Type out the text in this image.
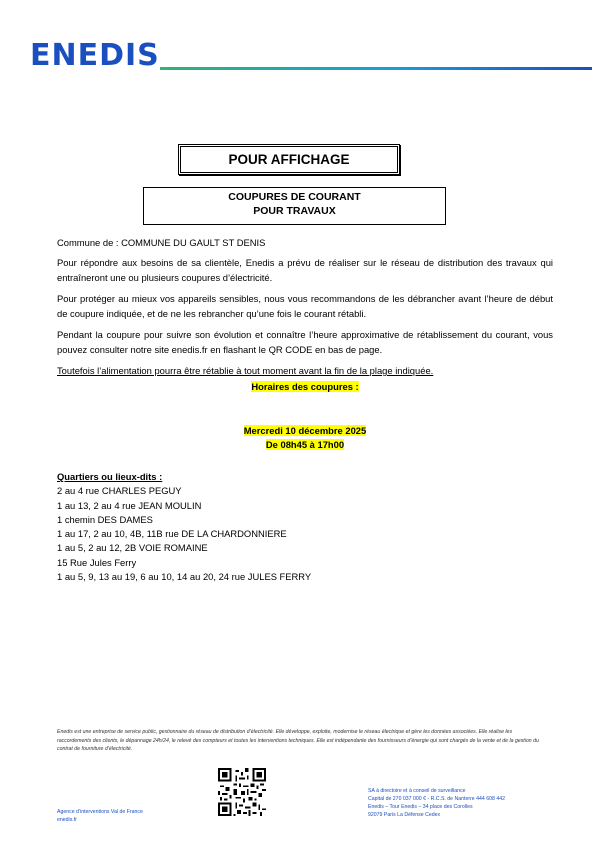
ENEDIS
POUR AFFICHAGE
COUPURES DE COURANT
POUR TRAVAUX
Commune de : COMMUNE DU GAULT ST DENIS
Pour répondre aux besoins de sa clientèle, Enedis a prévu de réaliser sur le réseau de distribution des travaux qui entraîneront une ou plusieurs coupures d’électricité.
Pour protéger au mieux vos appareils sensibles, nous vous recommandons de les débrancher avant l’heure de début de coupure indiquée, et de ne les rebrancher qu’une fois le courant rétabli.
Pendant la coupure pour suivre son évolution et connaître l’heure approximative de rétablissement du courant, vous pouvez consulter notre site enedis.fr en flashant le QR CODE en bas de page.
Toutefois l’alimentation pourra être rétablie à tout moment avant la fin de la plage indiquée.
Horaires des coupures :
Mercredi 10 décembre 2025
De 08h45 à 17h00
Quartiers ou lieux-dits :
2 au 4 rue CHARLES PEGUY
1 au 13, 2 au 4 rue JEAN MOULIN
1 chemin DES DAMES
1 au 17, 2 au 10, 4B, 11B rue DE LA CHARDONNIERE
1 au 5, 2 au 12, 2B VOIE ROMAINE
15 Rue Jules Ferry
1 au 5, 9, 13 au 19, 6 au 10, 14 au 20, 24 rue JULES FERRY
Enedis est une entreprise de service public, gestionnaire du réseau de distribution d’électricité. Elle développe, exploite, modernise le réseau électrique et gère les données associées. Elle réalise les raccordements des clients, le dépannage 24h/24, le relevé des compteurs et toutes les interventions techniques. Elle est indépendante des fournisseurs d’énergie qui sont chargés de la vente et de la gestion du contrat de fourniture d’électricité.
Agence d’interventions Val de France
enedis.fr
SA à directoire et à conseil de surveillance
Capital de 270 037 000 € - R.C.S. de Nanterre 444 608 442
Enedis – Tour Enedis – 34 place des Corolles
92079 Paris La Défense Cedex
